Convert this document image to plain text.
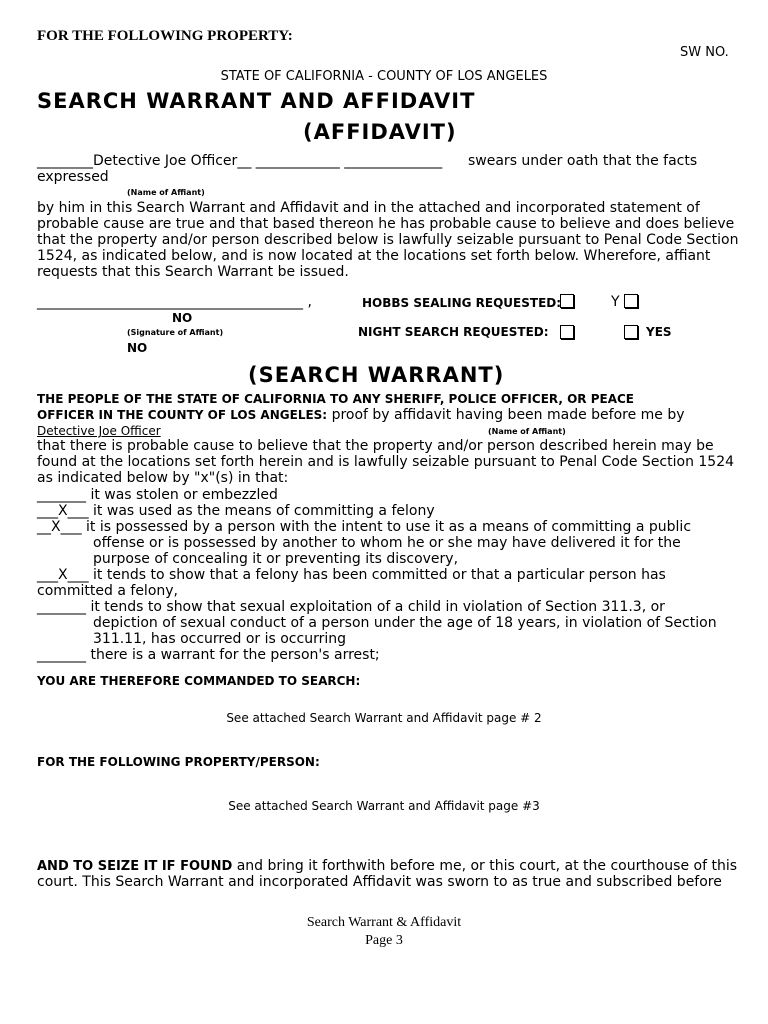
FOR THE FOLLOWING PROPERTY:
SW NO.
STATE OF CALIFORNIA - COUNTY OF LOS ANGELES
SEARCH WARRANT AND AFFIDAVIT
(AFFIDAVIT)
________Detective Joe Officer__ ____________ ______________ swears under oath that the facts
expressed
(Name of Affiant)
by him in this Search Warrant and Affidavit and in the attached and incorporated statement of
probable cause are true and that based thereon he has probable cause to believe and does believe
that the property and/or person described below is lawfully seizable pursuant to Penal Code Section
1524, as indicated below, and is now located at the locations set forth below. Wherefore, affiant
requests that this Search Warrant be issued.
______________________________________ ,	HOBBS SEALING REQUESTED:	Y
NO
(Signature of Affiant)	NIGHT SEARCH REQUESTED:	YES
NO
(SEARCH WARRANT)
THE PEOPLE OF THE STATE OF CALIFORNIA TO ANY SHERIFF, POLICE OFFICER, OR PEACE
OFFICER IN THE COUNTY OF LOS ANGELES: proof by affidavit having been made before me by
Detective Joe Officer	(Name of Affiant)
that there is probable cause to believe that the property and/or person described herein may be
found at the locations set forth herein and is lawfully seizable pursuant to Penal Code Section 1524
as indicated below by "x"(s) in that:
_______ it was stolen or embezzled
___X___ it was used as the means of committing a felony
__X___ it is possessed by a person with the intent to use it as a means of committing a public
offense or is possessed by another to whom he or she may have delivered it for the
purpose of concealing it or preventing its discovery,
___X___ it tends to show that a felony has been committed or that a particular person has
committed a felony,
_______ it tends to show that sexual exploitation of a child in violation of Section 311.3, or
depiction of sexual conduct of a person under the age of 18 years, in violation of Section
311.11, has occurred or is occurring
_______ there is a warrant for the person's arrest;
YOU ARE THEREFORE COMMANDED TO SEARCH:
See attached Search Warrant and Affidavit page # 2
FOR THE FOLLOWING PROPERTY/PERSON:
See attached Search Warrant and Affidavit page #3
AND TO SEIZE IT IF FOUND and bring it forthwith before me, or this court, at the courthouse of this
court. This Search Warrant and incorporated Affidavit was sworn to as true and subscribed before
Search Warrant & Affidavit
Page 3
